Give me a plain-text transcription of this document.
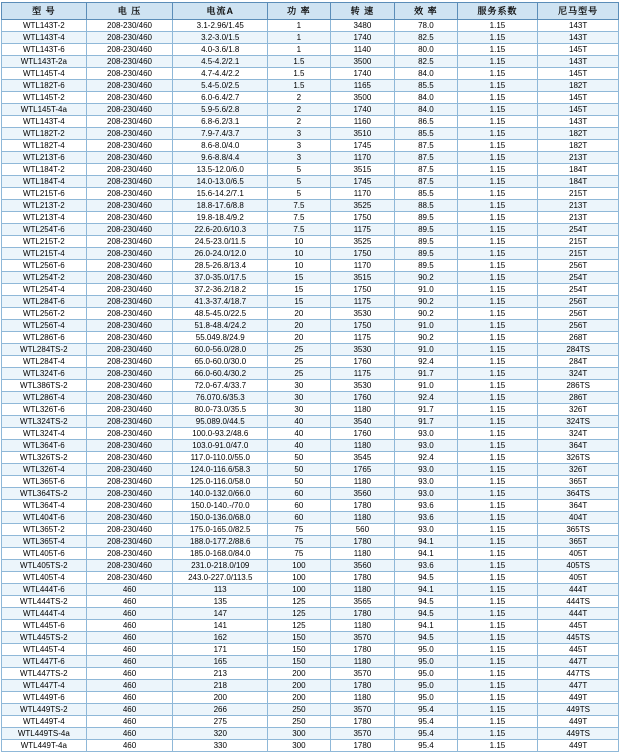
型 号	电 压	电流A	功 率	转 速	效 率	服务系数	尼马型号
WTL143T-2	208-230/460	3.1-2.96/1.45	1	3480	78.0	1.15	143T
WTL143T-4	208-230/460	3.2-3.0/1.5	1	1740	82.5	1.15	143T
WTL143T-6	208-230/460	4.0-3.6/1.8	1	1140	80.0	1.15	145T
WTL143T-2a	208-230/460	4.5-4.2/2.1	1.5	3500	82.5	1.15	143T
WTL145T-4	208-230/460	4.7-4.4/2.2	1.5	1740	84.0	1.15	145T
WTL182T-6	208-230/460	5.4-5.0/2.5	1.5	1165	85.5	1.15	182T
WTL145T-2	208-230/460	6.0-6.4/2.7	2	3500	84.0	1.15	145T
WTL145T-4a	208-230/460	5.9-5.6/2.8	2	1740	84.0	1.15	145T
WTL143T-4	208-230/460	6.8-6.2/3.1	2	1160	86.5	1.15	143T
WTL182T-2	208-230/460	7.9-7.4/3.7	3	3510	85.5	1.15	182T
WTL182T-4	208-230/460	8.6-8.0/4.0	3	1745	87.5	1.15	182T
WTL213T-6	208-230/460	9.6-8.8/4.4	3	1170	87.5	1.15	213T
WTL184T-2	208-230/460	13.5-12.0/6.0	5	3515	87.5	1.15	184T
WTL184T-4	208-230/460	14.0-13.0/6.5	5	1745	87.5	1.15	184T
WTL215T-6	208-230/460	15.6-14.2/7.1	5	1170	85.5	1.15	215T
WTL213T-2	208-230/460	18.8-17.6/8.8	7.5	3525	88.5	1.15	213T
WTL213T-4	208-230/460	19.8-18.4/9.2	7.5	1750	89.5	1.15	213T
WTL254T-6	208-230/460	22.6-20.6/10.3	7.5	1175	89.5	1.15	254T
WTL215T-2	208-230/460	24.5-23.0/11.5	10	3525	89.5	1.15	215T
WTL215T-4	208-230/460	26.0-24.0/12.0	10	1750	89.5	1.15	215T
WTL256T-6	208-230/460	28.5-26.8/13.4	10	1170	89.5	1.15	256T
WTL254T-2	208-230/460	37.0-35.0/17.5	15	3515	90.2	1.15	254T
WTL254T-4	208-230/460	37.2-36.2/18.2	15	1750	91.0	1.15	254T
WTL284T-6	208-230/460	41.3-37.4/18.7	15	1175	90.2	1.15	256T
WTL256T-2	208-230/460	48.5-45.0/22.5	20	3530	90.2	1.15	256T
WTL256T-4	208-230/460	51.8-48.4/24.2	20	1750	91.0	1.15	256T
WTL286T-6	208-230/460	55.049.8/24.9	20	1175	90.2	1.15	268T
WTL284TS-2	208-230/460	60.0-56.0/28.0	25	3530	91.0	1.15	284TS
WTL284T-4	208-230/460	65.0-60.0/30.0	25	1760	92.4	1.15	284T
WTL324T-6	208-230/460	66.0-60.4/30.2	25	1175	91.7	1.15	324T
WTL386TS-2	208-230/460	72.0-67.4/33.7	30	3530	91.0	1.15	286TS
WTL286T-4	208-230/460	76.070.6/35.3	30	1760	92.4	1.15	286T
WTL326T-6	208-230/460	80.0-73.0/35.5	30	1180	91.7	1.15	326T
WTL324TS-2	208-230/460	95.089.0/44.5	40	3540	91.7	1.15	324TS
WTL324T-4	208-230/460	100.0-93.2/48.6	40	1760	93.0	1.15	324T
WTL364T-6	208-230/460	103.0-91.0/47.0	40	1180	93.0	1.15	364T
WTL326TS-2	208-230/460	117.0-110.0/55.0	50	3545	92.4	1.15	326TS
WTL326T-4	208-230/460	124.0-116.6/58.3	50	1765	93.0	1.15	326T
WTL365T-6	208-230/460	125.0-116.0/58.0	50	1180	93.0	1.15	365T
WTL364TS-2	208-230/460	140.0-132.0/66.0	60	3560	93.0	1.15	364TS
WTL364T-4	208-230/460	150.0-140.-/70.0	60	1780	93.6	1.15	364T
WTL404T-6	208-230/460	150.0-136.0/68.0	60	1180	93.6	1.15	404T
WTL365T-2	208-230/460	175.0-165.0/82.5	75	560	93.0	1.15	365TS
WTL365T-4	208-230/460	188.0-177.2/88.6	75	1780	94.1	1.15	365T
WTL405T-6	208-230/460	185.0-168.0/84.0	75	1180	94.1	1.15	405T
WTL405TS-2	208-230/460	231.0-218.0/109	100	3560	93.6	1.15	405TS
WTL405T-4	208-230/460	243.0-227.0/113.5	100	1780	94.5	1.15	405T
WTL444T-6	460	113	100	1180	94.1	1.15	444T
WTL444TS-2	460	135	125	3565	94.5	1.15	444TS
WTL444T-4	460	147	125	1780	94.5	1.15	444T
WTL445T-6	460	141	125	1180	94.1	1.15	445T
WTL445TS-2	460	162	150	3570	94.5	1.15	445TS
WTL445T-4	460	171	150	1780	95.0	1.15	445T
WTL447T-6	460	165	150	1180	95.0	1.15	447T
WTL447TS-2	460	213	200	3570	95.0	1.15	447TS
WTL447T-4	460	218	200	1780	95.0	1.15	447T
WTL449T-6	460	200	200	1180	95.0	1.15	449T
WTL449TS-2	460	266	250	3570	95.4	1.15	449TS
WTL449T-4	460	275	250	1780	95.4	1.15	449T
WTL449TS-4a	460	320	300	3570	95.4	1.15	449TS
WTL449T-4a	460	330	300	1780	95.4	1.15	449T
